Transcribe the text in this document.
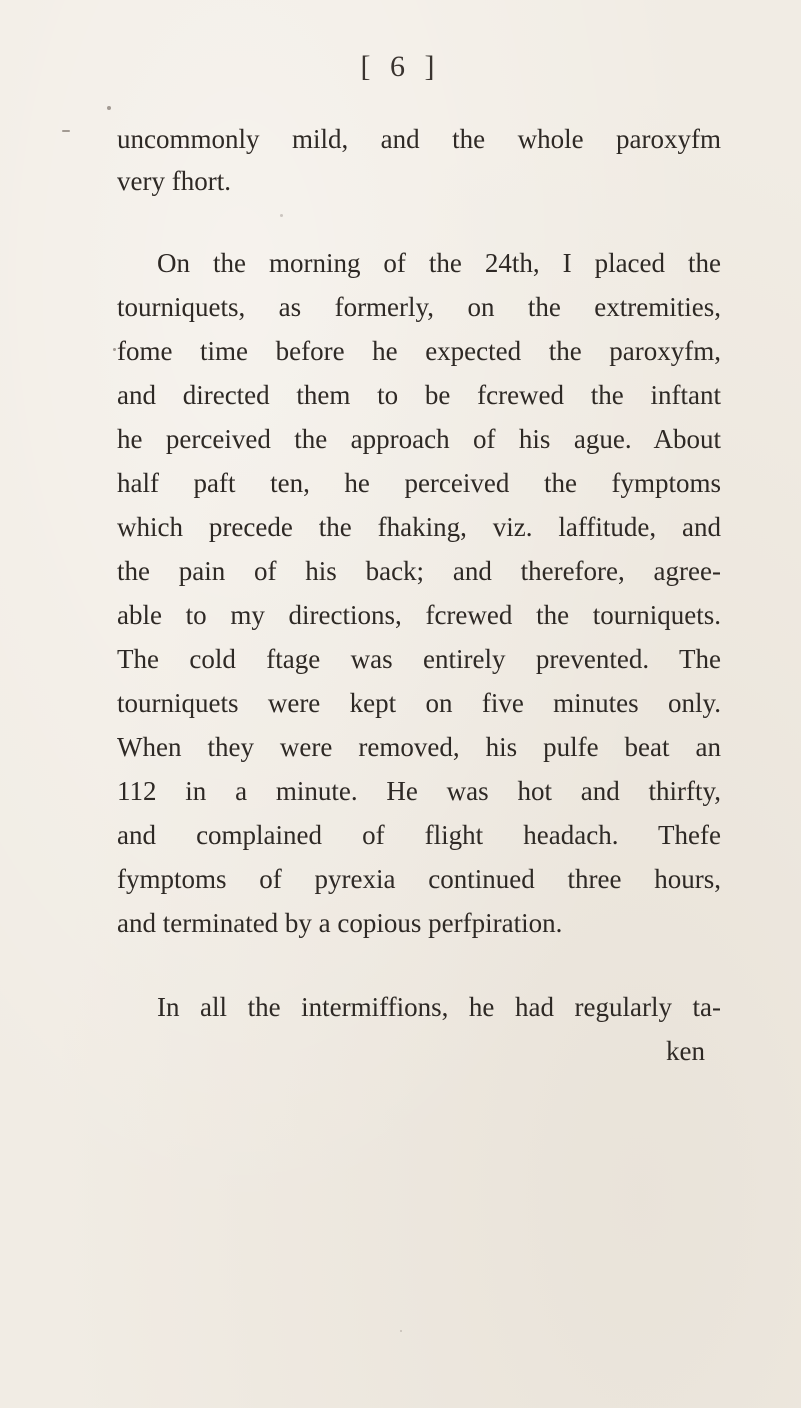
[ 6 ]
uncommonly mild, and the whole paroxyfm
very fhort.
On the morning of the 24th, I placed the
tourniquets, as formerly, on the extremities,
fome time before he expected the paroxyfm,
and directed them to be fcrewed the inftant
he perceived the approach of his ague. About
half paft ten, he perceived the fymptoms
which precede the fhaking, viz. laffitude, and
the pain of his back; and therefore, agree-
able to my directions, fcrewed the tourniquets.
The cold ftage was entirely prevented. The
tourniquets were kept on five minutes only.
When they were removed, his pulfe beat an
112 in a minute. He was hot and thirfty,
and complained of flight headach. Thefe
fymptoms of pyrexia continued three hours,
and terminated by a copious perfpiration.
In all the intermiffions, he had regularly ta-
ken
